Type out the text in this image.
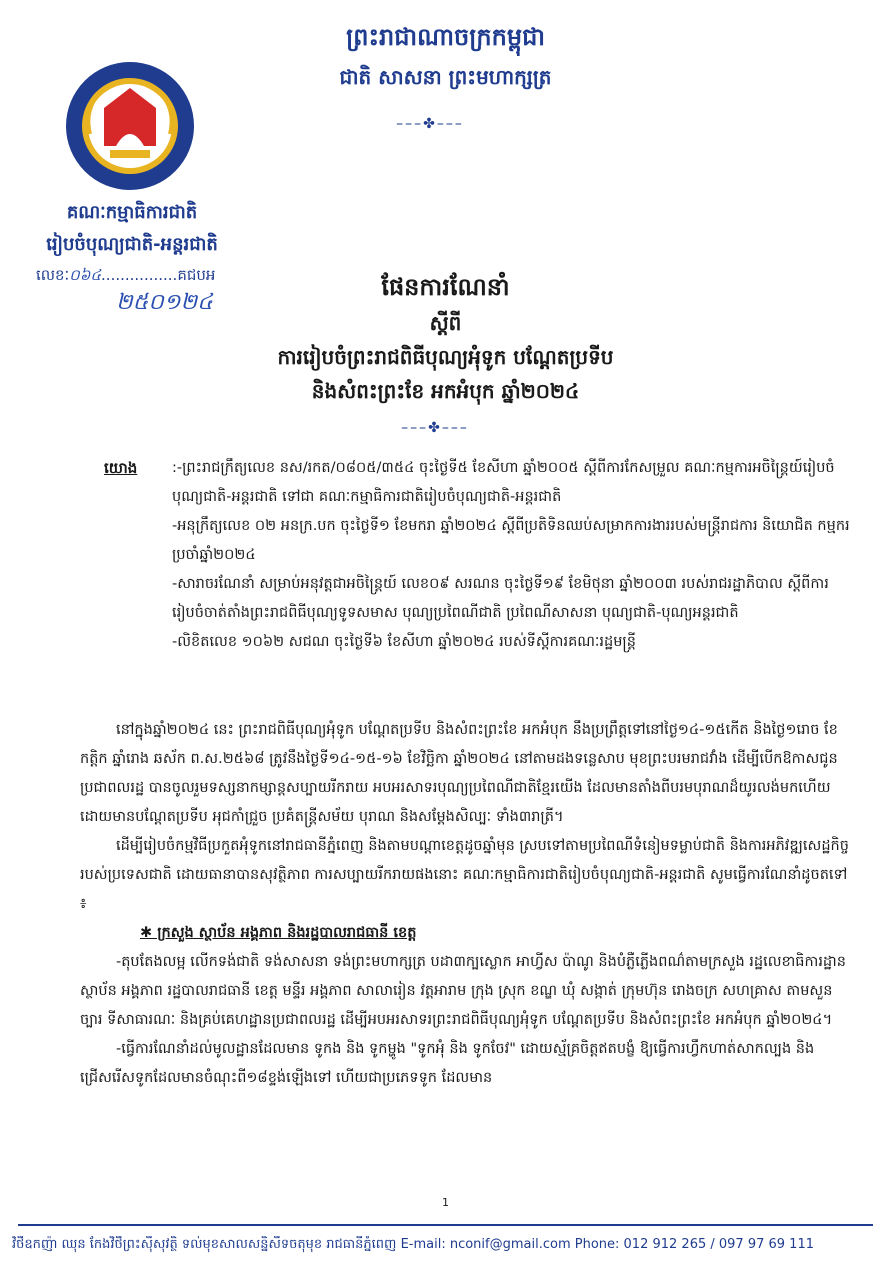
ព្រះរាជាណាចក្រកម្ពុជា
ជាតិ សាសនា ព្រះមហាក្សត្រ
–––✤–––
គណៈកម្មាធិការជាតិ
រៀបចំបុណ្យជាតិ-អន្តរជាតិ
លេខៈ០៦៤................គជបអ
២៥០១២៤
ផែនការណែនាំ
ស្តីពី
ការរៀបចំព្រះរាជពិធីបុណ្យអុំទូក បណ្តែតប្រទីប
និងសំពះព្រះខែ អកអំបុក ឆ្នាំ២០២៤
–––✤–––
យោង	:-ព្រះរាជក្រឹត្យលេខ នស/រកត/០៨០៥/៣៥៤ ចុះថ្ងៃទី៥ ខែសីហា ឆ្នាំ២០០៥ ស្តីពីការកែសម្រួល គណៈកម្មការអចិន្ត្រៃយ៍រៀបចំបុណ្យជាតិ-អន្តរជាតិ ទៅជា គណៈកម្មាធិការជាតិរៀបចំបុណ្យជាតិ-អន្តរជាតិ
-អនុក្រឹត្យលេខ ០២ អនក្រ.បក ចុះថ្ងៃទី១ ខែមករា ឆ្នាំ២០២៤ ស្តីពីប្រតិទិនឈប់សម្រាកការងាររបស់មន្ត្រីរាជការ និយោជិត កម្មករ ប្រចាំឆ្នាំ២០២៤
-សារាចរណែនាំ សម្រាប់អនុវត្តជាអចិន្ត្រៃយ៍ លេខ០៩ សរណន ចុះថ្ងៃទី១៩ ខែមិថុនា ឆ្នាំ២០០៣ របស់រាជរដ្ឋាភិបាល ស្តីពីការរៀបចំចាត់តាំងព្រះរាជពិធីបុណ្យទូទសមាស បុណ្យប្រពៃណីជាតិ ប្រពៃណីសាសនា បុណ្យជាតិ-បុណ្យអន្តរជាតិ
-លិខិតលេខ ១០៦២ សជណ ចុះថ្ងៃទី៦ ខែសីហា ឆ្នាំ២០២៤ របស់ទីស្តីការគណៈរដ្ឋមន្ត្រី
នៅក្នុងឆ្នាំ២០២៤ នេះ ព្រះរាជពិធីបុណ្យអុំទូក បណ្តែតប្រទីប និងសំពះព្រះខែ អកអំបុក នឹងប្រព្រឹត្តទៅនៅថ្ងៃ១៤-១៥កើត និងថ្ងៃ១រោច ខែកត្តិក ឆ្នាំរោង ឆស័ក ព.ស.២៥៦៨ ត្រូវនឹងថ្ងៃទី១៤-១៥-១៦ ខែវិច្ឆិកា ឆ្នាំ២០២៤ នៅតាមដងទន្លេសាប មុខព្រះបរមរាជវាំង ដើម្បីបើកឱកាសជូនប្រជាពលរដ្ឋ បានចូលរួមទស្សនាកម្សាន្តសប្បាយរីករាយ អបអរសាទរបុណ្យប្រពៃណីជាតិខ្មែរយើង ដែលមានតាំងពីបរមបុរាណដ៏យូរលង់មកហើយ ដោយមានបណ្តែតប្រទីប អុជកាំជ្រួច ប្រគំតន្ត្រីសម័យ បុរាណ និងសម្តែងសិល្បៈ ទាំង៣រាត្រី។
ដើម្បីរៀបចំកម្មវិធីប្រកួតអុំទូកនៅរាជធានីភ្នំពេញ និងតាមបណ្តាខេត្តដូចឆ្នាំមុន ស្របទៅតាមប្រពៃណីទំនៀមទម្លាប់ជាតិ និងការអភិវឌ្ឍសេដ្ឋកិច្ចរបស់ប្រទេសជាតិ ដោយធានាបានសុវត្ថិភាព ការសប្បាយរីករាយផងនោះ គណៈកម្មាធិការជាតិរៀបចំបុណ្យជាតិ-អន្តរជាតិ សូមធ្វើការណែនាំដូចតទៅ ៖
✱ ក្រសួង ស្ថាប័ន អង្គភាព និងរដ្ឋបាលរាជធានី ខេត្ត
-តុបតែងលម្អ លើកទង់ជាតិ ទង់សាសនា ទង់ព្រះមហាក្សត្រ បដា៣ក្បស្លោក អាហ្វីស ប៉ាណូ និងបំភ្លឺភ្លើងពណ៌តាមក្រសួង រដ្ឋលេខាធិការដ្ឋាន ស្ថាប័ន អង្គភាព រដ្ឋបាលរាជធានី ខេត្ត មន្ទីរ អង្គភាព សាលារៀន វត្តអារាម ក្រុង ស្រុក ខណ្ឌ ឃុំ សង្កាត់ ក្រុមហ៊ុន រោងចក្រ សហគ្រាស តាមសួនច្បារ ទីសាធារណៈ និងគ្រប់គេហដ្ឋានប្រជាពលរដ្ឋ ដើម្បីអបអរសាទរព្រះរាជពិធីបុណ្យអុំទូក បណ្តែតប្រទីប និងសំពះព្រះខែ អកអំបុក ឆ្នាំ២០២៤។
-ធ្វើការណែនាំដល់មូលដ្ឋានដែលមាន ទូកង និង ទូកម្ហូង "ទូកអុំ និង ទូកចែវ" ដោយស្ម័គ្រចិត្តឥតបង្ខំ ឱ្យធ្វើការហ្វឹកហាត់សាកល្បង និងជ្រើសរើសទូកដែលមានចំណុះពី១៨ខ្ទង់ឡើងទៅ ហើយជាប្រភេទទូក ដែលមាន
1
វិថីឧកញ៉ា ឈុន កែងវិថីព្រះស៊ីសុវត្ថិ ទល់មុខសាលសន្និសីទចតុមុខ រាជធានីភ្នំពេញ E-mail: nconif@gmail.com Phone: 012 912 265 / 097 97 69 111
